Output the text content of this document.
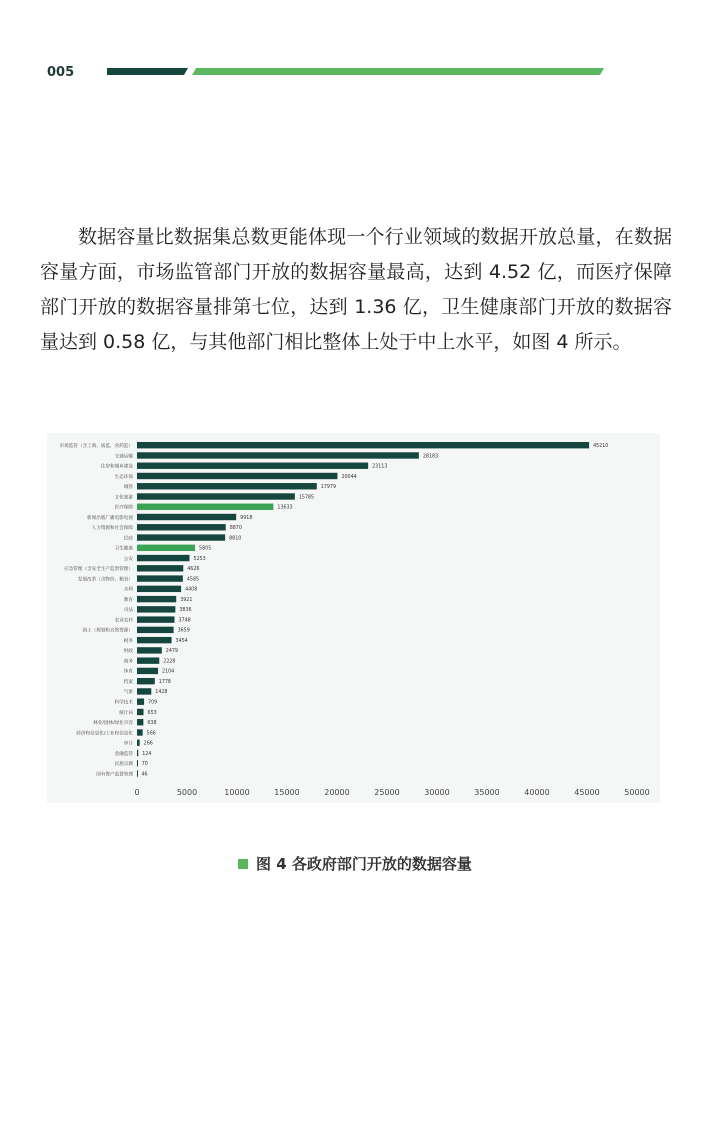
005

数据容量比数据集总数更能体现一个行业领域的数据开放总量，在数据容量方面，市场监管部门开放的数据容量最高，达到 4.52 亿，而医疗保障部门开放的数据容量排第七位，达到 1.36 亿，卫生健康部门开放的数据容量达到 0.58 亿，与其他部门相比整体上处于中上水平，如图 4 所示。

市场监管（含工商、质监、食药监）	45210
交通运输	28183
住房和城乡建设	23113
生态环保	20044
城管	17979
文化旅游	15785
医疗保障	13633
新闻出版广播电影电视	9918
人力资源和社会保障	8870
民政	8810
卫生健康	5805
公安	5253
应急管理（含安全生产监督管理）	4626
发展改革（含物价、粮食）	4585
水利	4408
教育	3921
司法	3836
农业农村	3748
国土（规划和自然资源）	3659
税务	3454
财政	2479
商务	2228
体育	2104
档案	1778
气象	1428
科学技术	709
统计局	653
林业/园林/绿化市容	638
经济和信息化/工业和信息化	566
审计 266
金融监管 124
民族宗教 70
国有资产监督管理 46
0	5000	10000	15000	20000	25000	30000	35000	40000	45000	50000
图 4 各政府部门开放的数据容量
